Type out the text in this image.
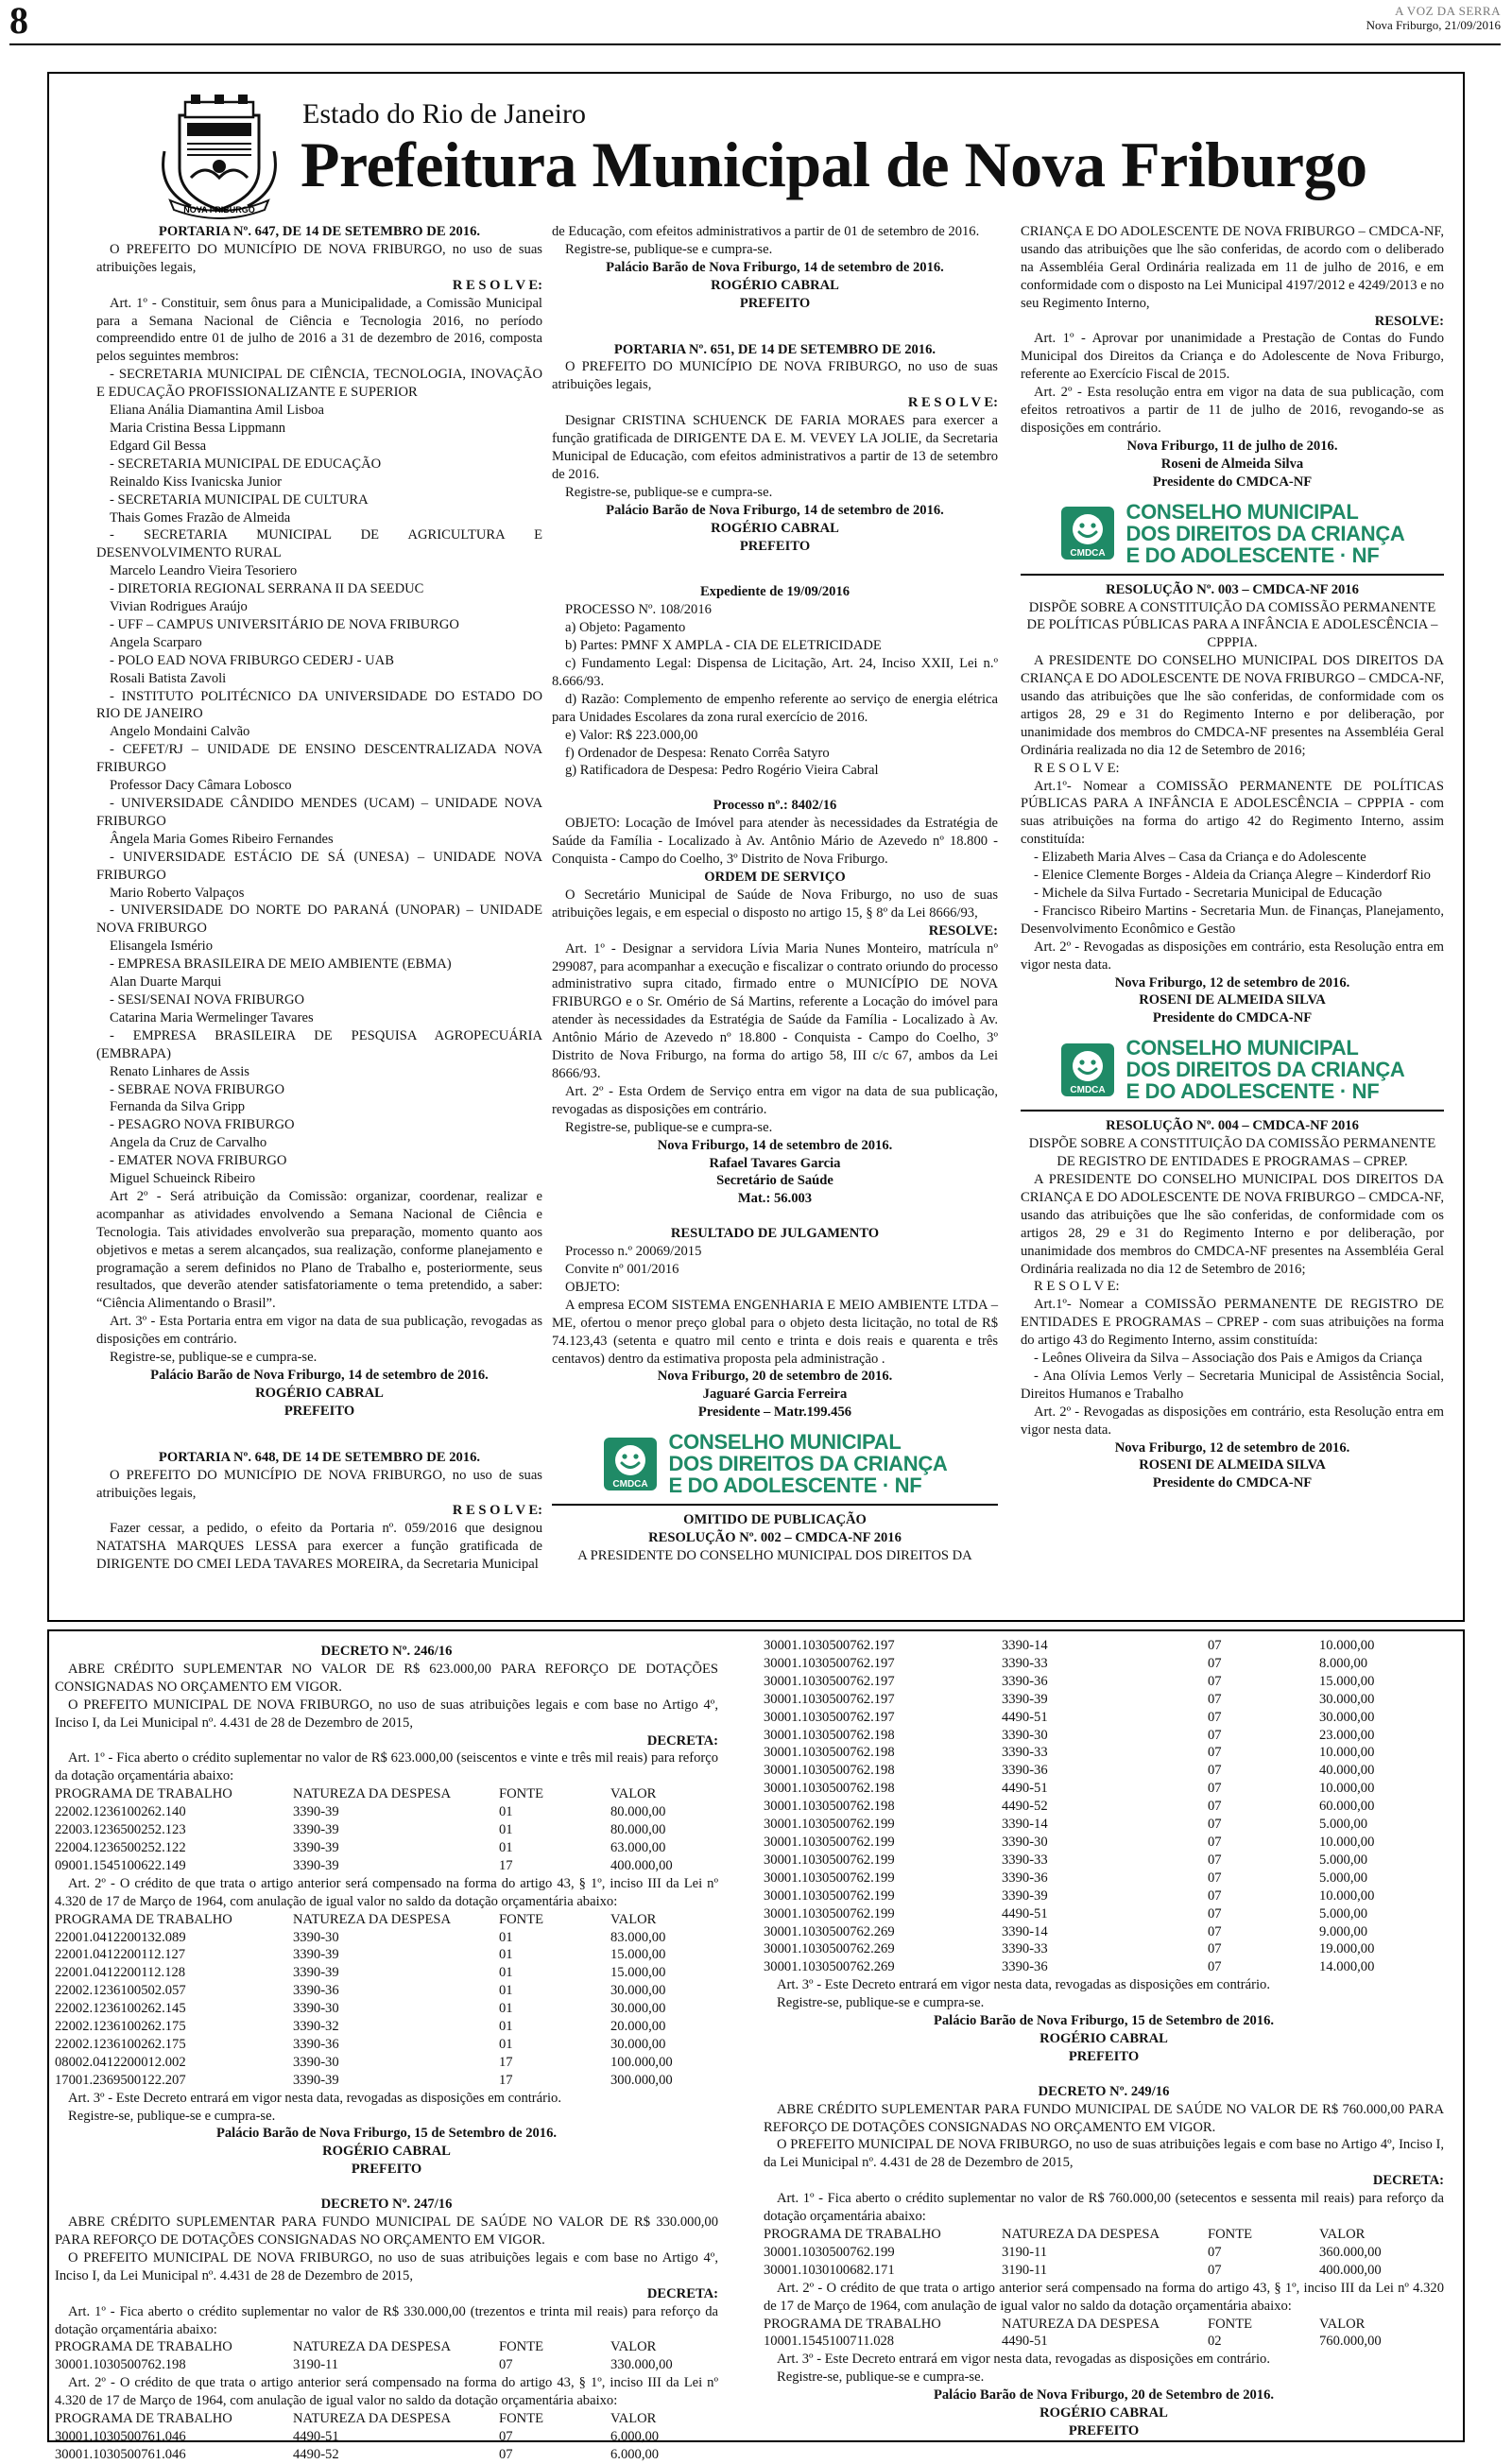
8	A VOZ DA SERRA
Nova Friburgo, 21/09/2016
NOVA FRIBURGO
Estado do Rio de Janeiro
Prefeitura Municipal de Nova Friburgo
PORTARIA Nº. 647, DE 14 DE SETEMBRO DE 2016.
O PREFEITO DO MUNICÍPIO DE NOVA FRIBURGO, no uso de suas atribuições legais,
R E S O L V E:
Art. 1º - Constituir, sem ônus para a Municipalidade, a Comissão Municipal para a Semana Nacional de Ciência e Tecnologia 2016, no período compreendido entre 01 de julho de 2016 a 31 de dezembro de 2016, composta pelos seguintes membros:
- SECRETARIA MUNICIPAL DE CIÊNCIA, TECNOLOGIA, INOVAÇÃO E EDUCAÇÃO PROFISSIONALIZANTE E SUPERIOR
Eliana Anália Diamantina Amil Lisboa
Maria Cristina Bessa Lippmann
Edgard Gil Bessa
- SECRETARIA MUNICIPAL DE EDUCAÇÃO
Reinaldo Kiss Ivanicska Junior
- SECRETARIA MUNICIPAL DE CULTURA
Thais Gomes Frazão de Almeida
- SECRETARIA MUNICIPAL DE AGRICULTURA E DESENVOLVIMENTO RURAL
Marcelo Leandro Vieira Tesoriero
- DIRETORIA REGIONAL SERRANA II DA SEEDUC
Vivian Rodrigues Araújo
- UFF – CAMPUS UNIVERSITÁRIO DE NOVA FRIBURGO
Angela Scarparo
- POLO EAD NOVA FRIBURGO CEDERJ - UAB
Rosali Batista Zavoli
- INSTITUTO POLITÉCNICO DA UNIVERSIDADE DO ESTADO DO RIO DE JANEIRO
Angelo Mondaini Calvão
- CEFET/RJ – UNIDADE DE ENSINO DESCENTRALIZADA NOVA FRIBURGO
Professor Dacy Câmara Lobosco
- UNIVERSIDADE CÂNDIDO MENDES (UCAM) – UNIDADE NOVA FRIBURGO
Ângela Maria Gomes Ribeiro Fernandes
- UNIVERSIDADE ESTÁCIO DE SÁ (UNESA) – UNIDADE NOVA FRIBURGO
Mario Roberto Valpaços
- UNIVERSIDADE DO NORTE DO PARANÁ (UNOPAR) – UNIDADE NOVA FRIBURGO
Elisangela Ismério
- EMPRESA BRASILEIRA DE MEIO AMBIENTE (EBMA)
Alan Duarte Marqui
- SESI/SENAI NOVA FRIBURGO
Catarina Maria Wermelinger Tavares
- EMPRESA BRASILEIRA DE PESQUISA AGROPECUÁRIA (EMBRAPA)
Renato Linhares de Assis
- SEBRAE NOVA FRIBURGO
Fernanda da Silva Gripp
- PESAGRO NOVA FRIBURGO
Angela da Cruz de Carvalho
- EMATER NOVA FRIBURGO
Miguel Schueinck Ribeiro
Art 2º - Será atribuição da Comissão: organizar, coordenar, realizar e acompanhar as atividades envolvendo a Semana Nacional de Ciência e Tecnologia. Tais atividades envolverão sua preparação, momento quanto aos objetivos e metas a serem alcançados, sua realização, conforme planejamento e programação a serem definidos no Plano de Trabalho e, posteriormente, seus resultados, que deverão atender satisfatoriamente o tema pretendido, a saber: “Ciência Alimentando o Brasil”.
Art. 3º - Esta Portaria entra em vigor na data de sua publicação, revogadas as disposições em contrário.
Registre-se, publique-se e cumpra-se.
Palácio Barão de Nova Friburgo, 14 de setembro de 2016.
ROGÉRIO CABRAL
PREFEITO
PORTARIA Nº. 648, DE 14 DE SETEMBRO DE 2016.
O PREFEITO DO MUNICÍPIO DE NOVA FRIBURGO, no uso de suas atribuições legais,
R E S O L V E:
Fazer cessar, a pedido, o efeito da Portaria nº. 059/2016 que designou NATATSHA MARQUES LESSA para exercer a função gratificada de DIRIGENTE DO CMEI LEDA TAVARES MOREIRA, da Secretaria Municipal
de Educação, com efeitos administrativos a partir de 01 de setembro de 2016.
Registre-se, publique-se e cumpra-se.
Palácio Barão de Nova Friburgo, 14 de setembro de 2016.
ROGÉRIO CABRAL
PREFEITO
PORTARIA Nº. 651, DE 14 DE SETEMBRO DE 2016.
O PREFEITO DO MUNICÍPIO DE NOVA FRIBURGO, no uso de suas atribuições legais,
R E S O L V E:
Designar CRISTINA SCHUENCK DE FARIA MORAES para exercer a função gratificada de DIRIGENTE DA E. M. VEVEY LA JOLIE, da Secretaria Municipal de Educação, com efeitos administrativos a partir de 13 de setembro de 2016.
Registre-se, publique-se e cumpra-se.
Palácio Barão de Nova Friburgo, 14 de setembro de 2016.
ROGÉRIO CABRAL
PREFEITO
Expediente de 19/09/2016
PROCESSO Nº. 108/2016
a) Objeto: Pagamento
b) Partes: PMNF X AMPLA - CIA DE ELETRICIDADE
c) Fundamento Legal: Dispensa de Licitação, Art. 24, Inciso XXII, Lei n.º 8.666/93.
d) Razão: Complemento de empenho referente ao serviço de energia elétrica para Unidades Escolares da zona rural exercício de 2016.
e) Valor: R$ 223.000,00
f) Ordenador de Despesa: Renato Corrêa Satyro
g) Ratificadora de Despesa: Pedro Rogério Vieira Cabral
Processo nº.: 8402/16
OBJETO: Locação de Imóvel para atender às necessidades da Estratégia de Saúde da Família - Localizado à Av. Antônio Mário de Azevedo nº 18.800 - Conquista - Campo do Coelho, 3º Distrito de Nova Friburgo.
ORDEM DE SERVIÇO
O Secretário Municipal de Saúde de Nova Friburgo, no uso de suas atribuições legais, e em especial o disposto no artigo 15, § 8º da Lei 8666/93,
RESOLVE:
Art. 1º - Designar a servidora Lívia Maria Nunes Monteiro, matrícula nº 299087, para acompanhar a execução e fiscalizar o contrato oriundo do processo administrativo supra citado, firmado entre o MUNICÍPIO DE NOVA FRIBURGO e o Sr. Omério de Sá Martins, referente a Locação do imóvel para atender às necessidades da Estratégia de Saúde da Família - Localizado à Av. Antônio Mário de Azevedo nº 18.800 - Conquista - Campo do Coelho, 3º Distrito de Nova Friburgo, na forma do artigo 58, III c/c 67, ambos da Lei 8666/93.
Art. 2º - Esta Ordem de Serviço entra em vigor na data de sua publicação, revogadas as disposições em contrário.
Registre-se, publique-se e cumpra-se.
Nova Friburgo, 14 de setembro de 2016.
Rafael Tavares Garcia
Secretário de Saúde
Mat.: 56.003
RESULTADO DE JULGAMENTO
Processo n.º 20069/2015
Convite nº 001/2016
OBJETO:
A empresa ECOM SISTEMA ENGENHARIA E MEIO AMBIENTE LTDA – ME, ofertou o menor preço global para o objeto desta licitação, no total de R$ 74.123,43 (setenta e quatro mil cento e trinta e dois reais e quarenta e três centavos) dentro da estimativa proposta pela administração .
Nova Friburgo, 20 de setembro de 2016.
Jaguaré Garcia Ferreira
Presidente – Matr.199.456
CMDCA
CONSELHO MUNICIPAL
DOS DIREITOS DA CRIANÇA
E DO ADOLESCENTE · NF
OMITIDO DE PUBLICAÇÃO
RESOLUÇÃO Nº. 002 – CMDCA-NF 2016
A PRESIDENTE DO CONSELHO MUNICIPAL DOS DIREITOS DA
CRIANÇA E DO ADOLESCENTE DE NOVA FRIBURGO – CMDCA-NF, usando das atribuições que lhe são conferidas, de acordo com o deliberado na Assembléia Geral Ordinária realizada em 11 de julho de 2016, e em conformidade com o disposto na Lei Municipal 4197/2012 e 4249/2013 e no seu Regimento Interno,
RESOLVE:
Art. 1º - Aprovar por unanimidade a Prestação de Contas do Fundo Municipal dos Direitos da Criança e do Adolescente de Nova Friburgo, referente ao Exercício Fiscal de 2015.
Art. 2º - Esta resolução entra em vigor na data de sua publicação, com efeitos retroativos a partir de 11 de julho de 2016, revogando-se as disposições em contrário.
Nova Friburgo, 11 de julho de 2016.
Roseni de Almeida Silva
Presidente do CMDCA-NF
CMDCA
CONSELHO MUNICIPAL
DOS DIREITOS DA CRIANÇA
E DO ADOLESCENTE · NF
RESOLUÇÃO Nº. 003 – CMDCA-NF 2016
DISPÕE SOBRE A CONSTITUIÇÃO DA COMISSÃO PERMANENTE DE POLÍTICAS PÚBLICAS PARA A INFÂNCIA E ADOLESCÊNCIA – CPPPIA.
A PRESIDENTE DO CONSELHO MUNICIPAL DOS DIREITOS DA CRIANÇA E DO ADOLESCENTE DE NOVA FRIBURGO – CMDCA-NF, usando das atribuições que lhe são conferidas, de conformidade com os artigos 28, 29 e 31 do Regimento Interno e por deliberação, por unanimidade dos membros do CMDCA-NF presentes na Assembléia Geral Ordinária realizada no dia 12 de Setembro de 2016;
R E S O L V E:
Art.1º- Nomear a COMISSÃO PERMANENTE DE POLÍTICAS PÚBLICAS PARA A INFÂNCIA E ADOLESCÊNCIA – CPPPIA - com suas atribuições na forma do artigo 42 do Regimento Interno, assim constituída:
- Elizabeth Maria Alves – Casa da Criança e do Adolescente
- Elenice Clemente Borges - Aldeia da Criança Alegre – Kinderdorf Rio
- Michele da Silva Furtado - Secretaria Municipal de Educação
- Francisco Ribeiro Martins - Secretaria Mun. de Finanças, Planejamento, Desenvolvimento Econômico e Gestão
Art. 2º - Revogadas as disposições em contrário, esta Resolução entra em vigor nesta data.
Nova Friburgo, 12 de setembro de 2016.
ROSENI DE ALMEIDA SILVA
Presidente do CMDCA-NF
CMDCA
CONSELHO MUNICIPAL
DOS DIREITOS DA CRIANÇA
E DO ADOLESCENTE · NF
RESOLUÇÃO Nº. 004 – CMDCA-NF 2016
DISPÕE SOBRE A CONSTITUIÇÃO DA COMISSÃO PERMANENTE DE REGISTRO DE ENTIDADES E PROGRAMAS – CPREP.
A PRESIDENTE DO CONSELHO MUNICIPAL DOS DIREITOS DA CRIANÇA E DO ADOLESCENTE DE NOVA FRIBURGO – CMDCA-NF, usando das atribuições que lhe são conferidas, de conformidade com os artigos 28, 29 e 31 do Regimento Interno e por deliberação, por unanimidade dos membros do CMDCA-NF presentes na Assembléia Geral Ordinária realizada no dia 12 de Setembro de 2016;
R E S O L V E:
Art.1º- Nomear a COMISSÃO PERMANENTE DE REGISTRO DE ENTIDADES E PROGRAMAS – CPREP - com suas atribuições na forma do artigo 43 do Regimento Interno, assim constituída:
- Leônes Oliveira da Silva – Associação dos Pais e Amigos da Criança
- Ana Olívia Lemos Verly – Secretaria Municipal de Assistência Social, Direitos Humanos e Trabalho
Art. 2º - Revogadas as disposições em contrário, esta Resolução entra em vigor nesta data.
Nova Friburgo, 12 de setembro de 2016.
ROSENI DE ALMEIDA SILVA
Presidente do CMDCA-NF
DECRETO Nº. 246/16
ABRE CRÉDITO SUPLEMENTAR NO VALOR DE R$ 623.000,00 PARA REFORÇO DE DOTAÇÕES CONSIGNADAS NO ORÇAMENTO EM VIGOR.
O PREFEITO MUNICIPAL DE NOVA FRIBURGO, no uso de suas atribuições legais e com base no Artigo 4º, Inciso I, da Lei Municipal nº. 4.431 de 28 de Dezembro de 2015,
DECRETA:
Art. 1º - Fica aberto o crédito suplementar no valor de R$ 623.000,00 (seiscentos e vinte e três mil reais) para reforço da dotação orçamentária abaixo:
PROGRAMA DE TRABALHO	NATUREZA DA DESPESA	FONTE	VALOR
22002.1236100262.140	3390-39	01	80.000,00
22003.1236500252.123	3390-39	01	80.000,00
22004.1236500252.122	3390-39	01	63.000,00
09001.1545100622.149	3390-39	17	400.000,00
Art. 2º - O crédito de que trata o artigo anterior será compensado na forma do artigo 43, § 1º, inciso III da Lei nº 4.320 de 17 de Março de 1964, com anulação de igual valor no saldo da dotação orçamentária abaixo:
PROGRAMA DE TRABALHO	NATUREZA DA DESPESA	FONTE	VALOR
22001.0412200132.089	3390-30	01	83.000,00
22001.0412200112.127	3390-39	01	15.000,00
22001.0412200112.128	3390-39	01	15.000,00
22002.1236100502.057	3390-36	01	30.000,00
22002.1236100262.145	3390-30	01	30.000,00
22002.1236100262.175	3390-32	01	20.000,00
22002.1236100262.175	3390-36	01	30.000,00
08002.0412200012.002	3390-30	17	100.000,00
17001.2369500122.207	3390-39	17	300.000,00
Art. 3º - Este Decreto entrará em vigor nesta data, revogadas as disposições em contrário.
Registre-se, publique-se e cumpra-se.
Palácio Barão de Nova Friburgo, 15 de Setembro de 2016.
ROGÉRIO CABRAL
PREFEITO
DECRETO Nº. 247/16
ABRE CRÉDITO SUPLEMENTAR PARA FUNDO MUNICIPAL DE SAÚDE NO VALOR DE R$ 330.000,00 PARA REFORÇO DE DOTAÇÕES CONSIGNADAS NO ORÇAMENTO EM VIGOR.
O PREFEITO MUNICIPAL DE NOVA FRIBURGO, no uso de suas atribuições legais e com base no Artigo 4º, Inciso I, da Lei Municipal nº. 4.431 de 28 de Dezembro de 2015,
DECRETA:
Art. 1º - Fica aberto o crédito suplementar no valor de R$ 330.000,00 (trezentos e trinta mil reais) para reforço da dotação orçamentária abaixo:
PROGRAMA DE TRABALHO	NATUREZA DA DESPESA	FONTE	VALOR
30001.1030500762.198	3190-11	07	330.000,00
Art. 2º - O crédito de que trata o artigo anterior será compensado na forma do artigo 43, § 1º, inciso III da Lei nº 4.320 de 17 de Março de 1964, com anulação de igual valor no saldo da dotação orçamentária abaixo:
PROGRAMA DE TRABALHO	NATUREZA DA DESPESA	FONTE	VALOR
30001.1030500761.046	4490-51	07	6.000,00
30001.1030500761.046	4490-52	07	6.000,00
30001.1030500762.197	3390-14	07	10.000,00
30001.1030500762.197	3390-33	07	8.000,00
30001.1030500762.197	3390-36	07	15.000,00
30001.1030500762.197	3390-39	07	30.000,00
30001.1030500762.197	4490-51	07	30.000,00
30001.1030500762.198	3390-30	07	23.000,00
30001.1030500762.198	3390-33	07	10.000,00
30001.1030500762.198	3390-36	07	40.000,00
30001.1030500762.198	4490-51	07	10.000,00
30001.1030500762.198	4490-52	07	60.000,00
30001.1030500762.199	3390-14	07	5.000,00
30001.1030500762.199	3390-30	07	10.000,00
30001.1030500762.199	3390-33	07	5.000,00
30001.1030500762.199	3390-36	07	5.000,00
30001.1030500762.199	3390-39	07	10.000,00
30001.1030500762.199	4490-51	07	5.000,00
30001.1030500762.269	3390-14	07	9.000,00
30001.1030500762.269	3390-33	07	19.000,00
30001.1030500762.269	3390-36	07	14.000,00
Art. 3º - Este Decreto entrará em vigor nesta data, revogadas as disposições em contrário.
Registre-se, publique-se e cumpra-se.
Palácio Barão de Nova Friburgo, 15 de Setembro de 2016.
ROGÉRIO CABRAL
PREFEITO
DECRETO Nº. 249/16
ABRE CRÉDITO SUPLEMENTAR PARA FUNDO MUNICIPAL DE SAÚDE NO VALOR DE R$ 760.000,00 PARA REFORÇO DE DOTAÇÕES CONSIGNADAS NO ORÇAMENTO EM VIGOR.
O PREFEITO MUNICIPAL DE NOVA FRIBURGO, no uso de suas atribuições legais e com base no Artigo 4º, Inciso I, da Lei Municipal nº. 4.431 de 28 de Dezembro de 2015,
DECRETA:
Art. 1º - Fica aberto o crédito suplementar no valor de R$ 760.000,00 (setecentos e sessenta mil reais) para reforço da dotação orçamentária abaixo:
PROGRAMA DE TRABALHO	NATUREZA DA DESPESA	FONTE	VALOR
30001.1030500762.199	3190-11	07	360.000,00
30001.1030100682.171	3190-11	07	400.000,00
Art. 2º - O crédito de que trata o artigo anterior será compensado na forma do artigo 43, § 1º, inciso III da Lei nº 4.320 de 17 de Março de 1964, com anulação de igual valor no saldo da dotação orçamentária abaixo:
PROGRAMA DE TRABALHO	NATUREZA DA DESPESA	FONTE	VALOR
10001.1545100711.028	4490-51	02	760.000,00
Art. 3º - Este Decreto entrará em vigor nesta data, revogadas as disposições em contrário.
Registre-se, publique-se e cumpra-se.
Palácio Barão de Nova Friburgo, 20 de Setembro de 2016.
ROGÉRIO CABRAL
PREFEITO
